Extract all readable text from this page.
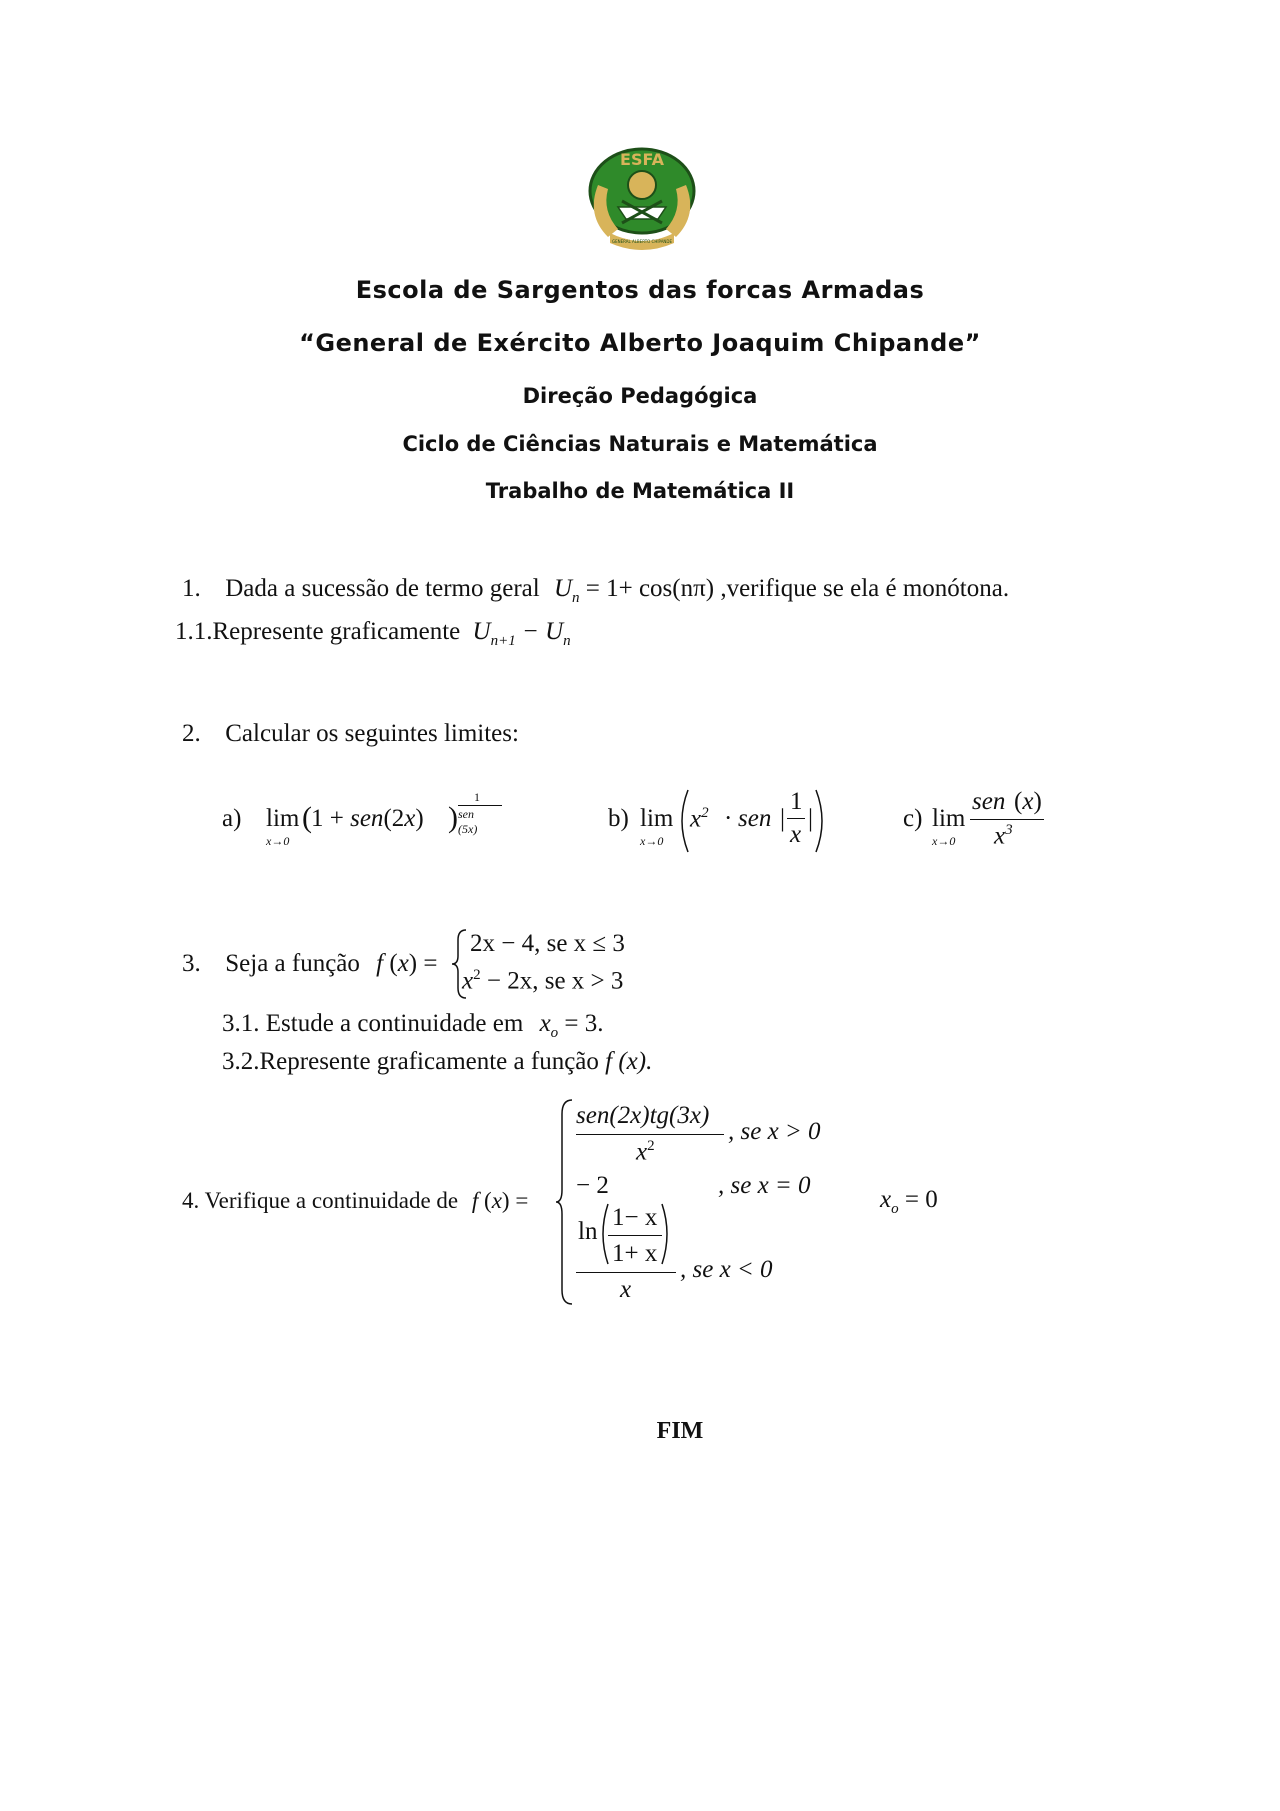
ESFA
GENERAL ALBERTO CHIPANDE
Escola de Sargentos das forcas Armadas
“General de Exército Alberto Joaquim Chipande”
Direção Pedagógica
Ciclo de Ciências Naturais e Matemática
Trabalho de Matemática II
1. Dada a sucessão de termo geral $U_n = 1+ \cos(n\pi)$ ,verifique se ela é monótona.
1.1.Represente graficamente $U_{n+1} - U_n$
2. Calcular os seguintes limites:
a) lim
x→0
( 1 + sen(2x) )
1
sen (5x)	b) lim
x→0
$x^2$ · sen |
1
x
|	c) lim
x→0
sen (x)
$x^3$
3. Seja a função f (x) =
2x − 4, se x ≤ 3
$x^2 - 2x$, se x > 3
3.1. Estude a continuidade em $x_o = 3$.
3.2.Represente graficamente a função f (x).
4. Verifique a continuidade de f (x) =
sen(2x)tg(3x)
$x^2$
, se x > 0
− 2	, se x = 0
ln
1− x
1+ x
x
, se x < 0
$x_o = 0$
FIM
